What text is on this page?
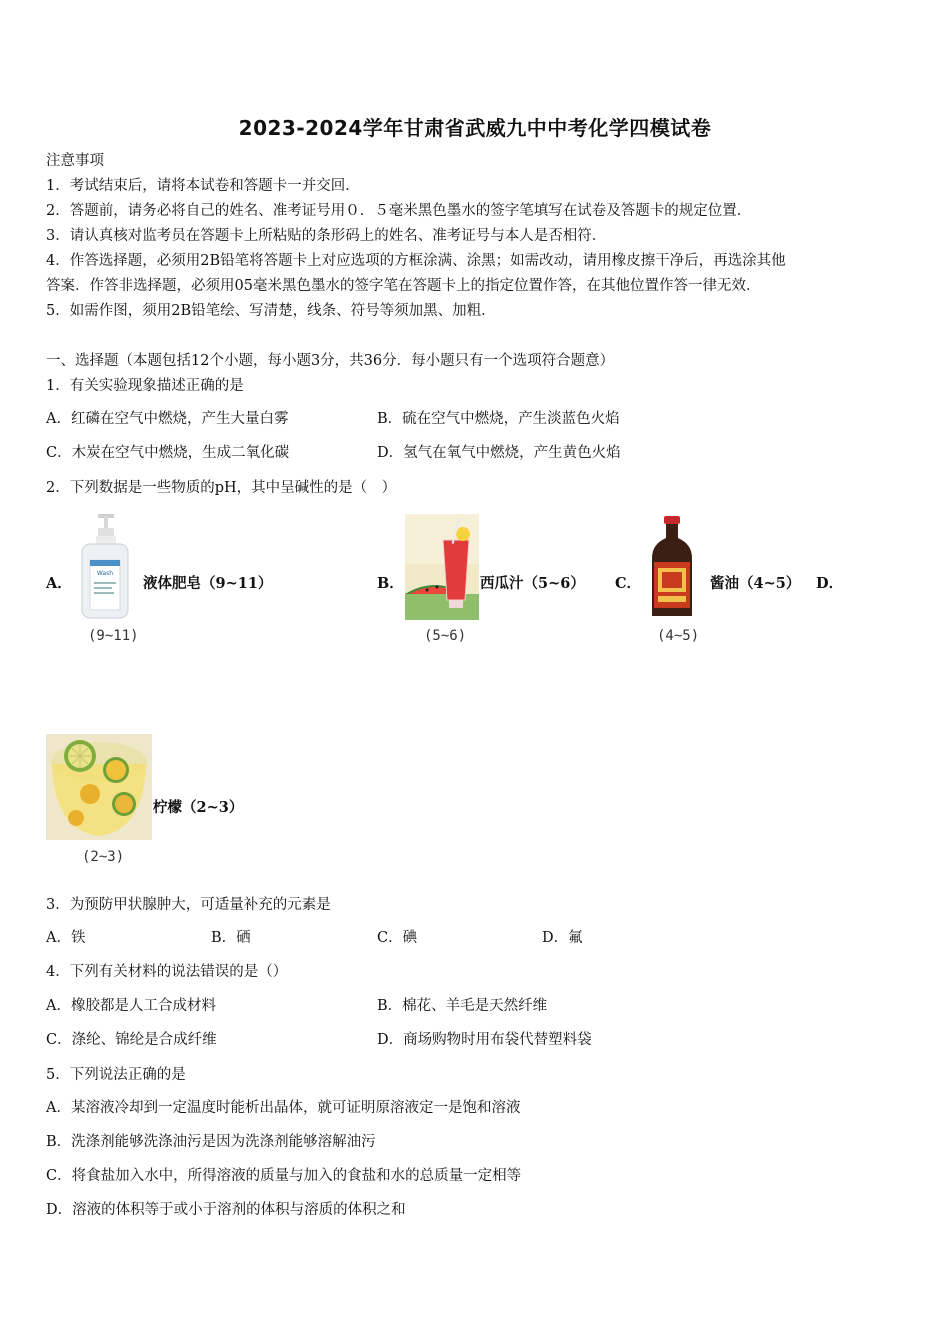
2023-2024学年甘肃省武威九中中考化学四模试卷
注意事项
1．考试结束后，请将本试卷和答题卡一并交回．
2．答题前，请务必将自己的姓名、准考证号用０．５毫米黑色墨水的签字笔填写在试卷及答题卡的规定位置．
3．请认真核对监考员在答题卡上所粘贴的条形码上的姓名、准考证号与本人是否相符．
4．作答选择题，必须用2B铅笔将答题卡上对应选项的方框涂满、涂黑；如需改动，请用橡皮擦干净后，再选涂其他
答案．作答非选择题，必须用05毫米黑色墨水的签字笔在答题卡上的指定位置作答，在其他位置作答一律无效．
5．如需作图，须用2B铅笔绘、写清楚，线条、符号等须加黑、加粗．
一、选择题（本题包括12个小题，每小题3分，共36分．每小题只有一个选项符合题意）
1．有关实验现象描述正确的是
A．红磷在空气中燃烧，产生大量白雾	B．硫在空气中燃烧，产生淡蓝色火焰
C．木炭在空气中燃烧，生成二氧化碳	D．氢气在氧气中燃烧，产生黄色火焰
2．下列数据是一些物质的pH，其中呈碱性的是（　）
A．
Wash
液体肥皂（9~11）
(9~11)
B．	西瓜汁（5~6）
(5~6)
C．	酱油（4~5）
(4~5)
D．
柠檬（2~3）
(2~3)
3．为预防甲状腺肿大，可适量补充的元素是
A．铁	B．硒	C．碘	D．氟
4．下列有关材料的说法错误的是（）
A．橡胶都是人工合成材料	B．棉花、羊毛是天然纤维
C．涤纶、锦纶是合成纤维	D．商场购物时用布袋代替塑料袋
5．下列说法正确的是
A．某溶液冷却到一定温度时能析出晶体，就可证明原溶液定一是饱和溶液
B．洗涤剂能够洗涤油污是因为洗涤剂能够溶解油污
C．将食盐加入水中，所得溶液的质量与加入的食盐和水的总质量一定相等
D．溶液的体积等于或小于溶剂的体积与溶质的体积之和
